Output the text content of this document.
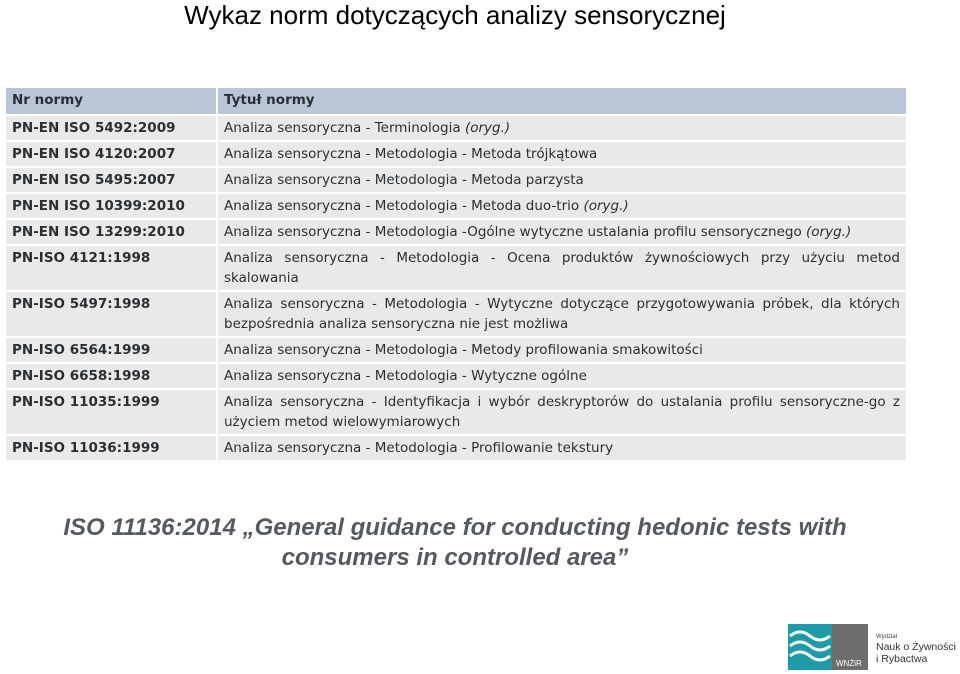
Wykaz norm dotyczących analizy sensorycznej
Nr normy	Tytuł normy
PN-EN ISO 5492:2009	Analiza sensoryczna - Terminologia (oryg.)
PN-EN ISO 4120:2007	Analiza sensoryczna - Metodologia - Metoda trójkątowa
PN-EN ISO 5495:2007	Analiza sensoryczna - Metodologia - Metoda parzysta
PN-EN ISO 10399:2010	Analiza sensoryczna - Metodologia - Metoda duo-trio (oryg.)
PN-EN ISO 13299:2010	Analiza sensoryczna - Metodologia -Ogólne wytyczne ustalania profilu sensorycznego (oryg.)
PN-ISO 4121:1998	Analiza sensoryczna - Metodologia - Ocena produktów żywnościowych przy użyciu metod skalowania
PN-ISO 5497:1998	Analiza sensoryczna - Metodologia - Wytyczne dotyczące przygotowywania próbek, dla których bezpośrednia analiza sensoryczna nie jest możliwa
PN-ISO 6564:1999	Analiza sensoryczna - Metodologia - Metody profilowania smakowitości
PN-ISO 6658:1998	Analiza sensoryczna - Metodologia - Wytyczne ogólne
PN-ISO 11035:1999	Analiza sensoryczna - Identyfikacja i wybór deskryptorów do ustalania profilu sensoryczne-go z użyciem metod wielowymiarowych
PN-ISO 11036:1999	Analiza sensoryczna - Metodologia - Profilowanie tekstury
ISO 11136:2014 „General guidance for conducting hedonic tests with consumers in controlled area”
WNŻiR
Wydział
Nauk o Żywności
i Rybactwa
